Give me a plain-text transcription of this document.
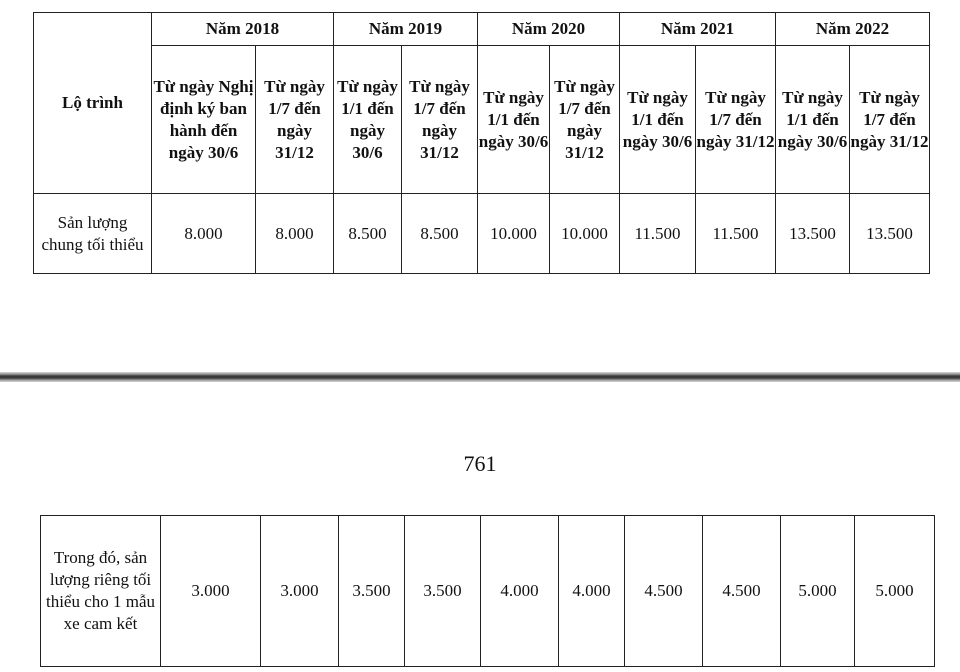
Lộ trình	Năm 2018		Năm 2019		Năm 2020		Năm 2021		Năm 2022	
	Từ ngày Nghị định ký ban hành đến ngày 30/6	Từ ngày 1/7 đến ngày 31/12	Từ ngày 1/1 đến ngày 30/6	Từ ngày 1/7 đến ngày 31/12	Từ ngày 1/1 đến ngày 30/6	Từ ngày 1/7 đến ngày 31/12	Từ ngày 1/1 đến ngày 30/6	Từ ngày 1/7 đến ngày 31/12	Từ ngày 1/1 đến ngày 30/6	Từ ngày 1/7 đến ngày 31/12
Sản lượng chung tối thiểu	8.000	8.000	8.500	8.500	10.000	10.000	11.500	11.500	13.500	13.500
761
Trong đó, sản lượng riêng tối thiểu cho 1 mẫu xe cam kết	3.000	3.000	3.500	3.500	4.000	4.000	4.500	4.500	5.000	5.000
